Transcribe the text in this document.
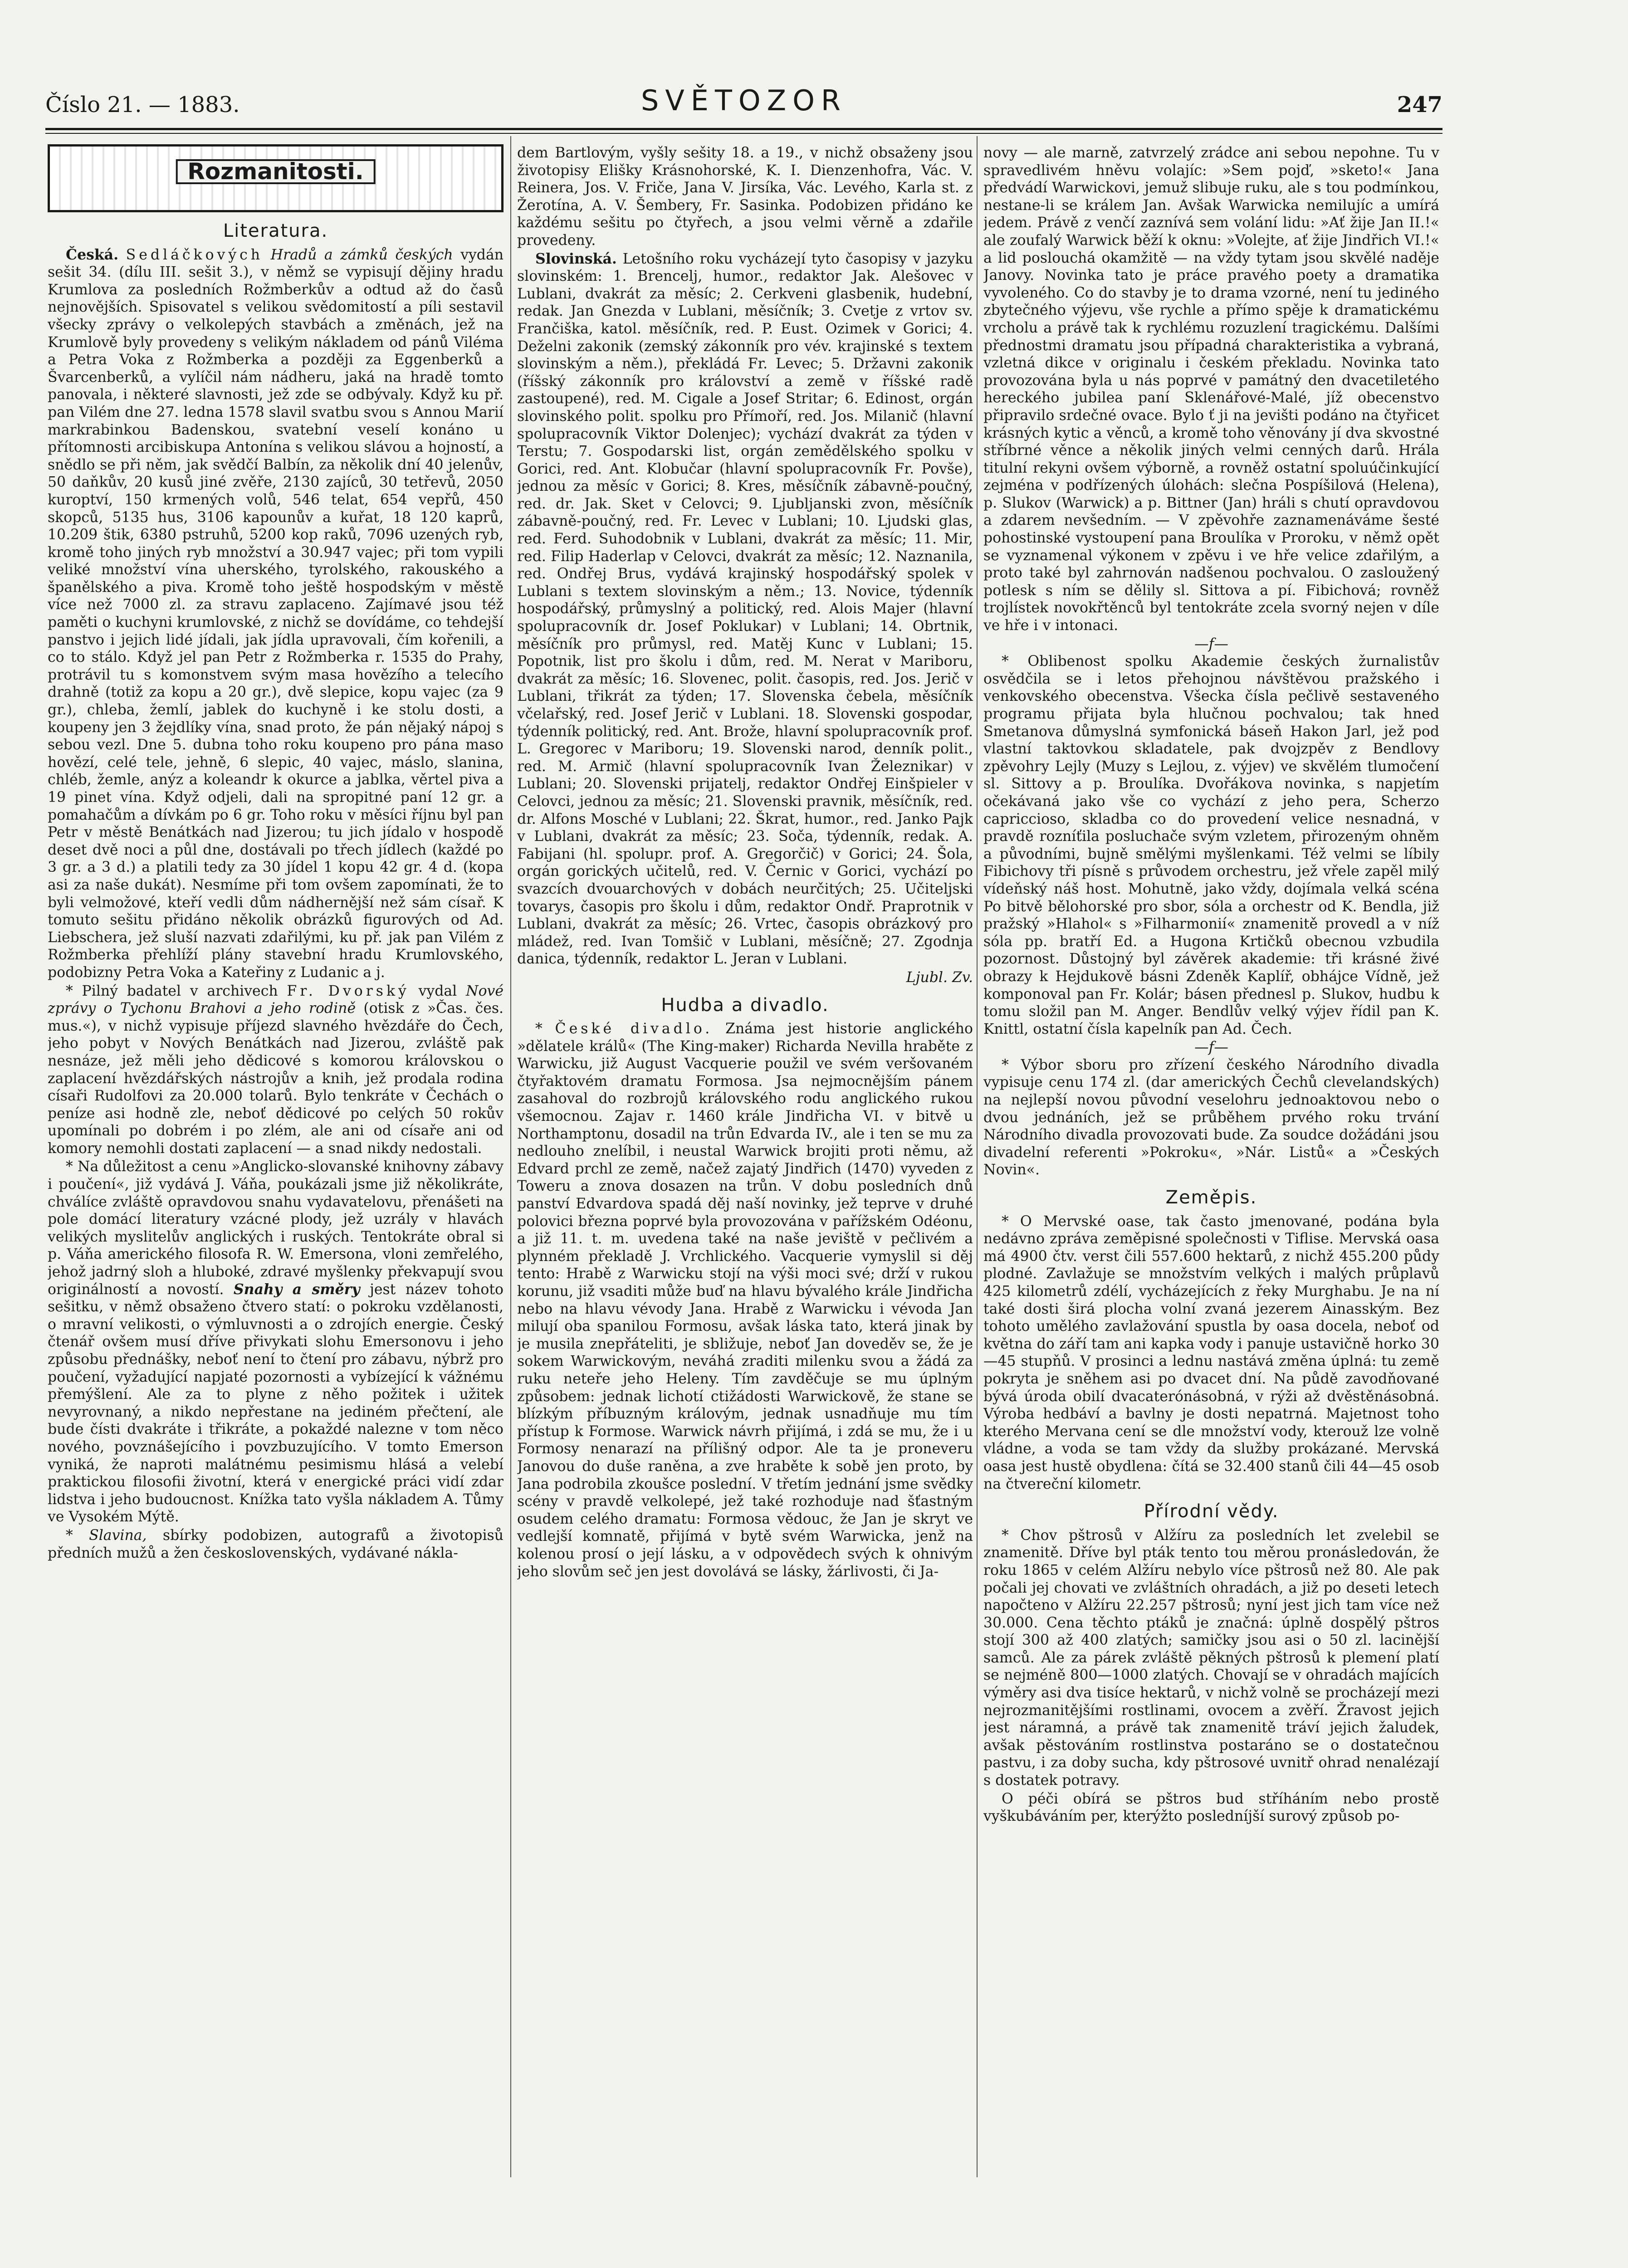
Číslo 21. — 1883.	SVĚTOZOR	247
Rozmanitosti.
Literatura.

Česká. Sedláčkových Hradů a zámků českých vydán sešit 34. (dílu III. sešit 3.), v němž se vypisují dějiny hradu Krumlova za posledních Rožmberkův a odtud až do časů nejnovějších. Spisovatel s velikou svědomitostí a píli sestavil všecky zprávy o velkolepých stavbách a změnách, jež na Krumlově byly provedeny s velikým nákladem od pánů Viléma a Petra Voka z Rožmberka a později za Eggenberků a Švarcenberků, a vylíčil nám nádheru, jaká na hradě tomto panovala, i některé slavnosti, jež zde se odbývaly. Když ku př. pan Vilém dne 27. ledna 1578 slavil svatbu svou s Annou Marií markrabinkou Badenskou, svatební veselí konáno u přítomnosti arcibiskupa Antonína s velikou slávou a hojností, a snědlo se při něm, jak svědčí Balbín, za několik dní 40 jelenův, 50 daňkův, 20 kusů jiné zvěře, 2130 zajíců, 30 tetřevů, 2050 kuroptví, 150 krmených volů, 546 telat, 654 vepřů, 450 skopců, 5135 hus, 3106 kapounův a kuřat, 18 120 kaprů, 10.209 štik, 6380 pstruhů, 5200 kop raků, 7096 uzených ryb, kromě toho jiných ryb množství a 30.947 vajec; při tom vypili veliké množství vína uherského, tyrolského, rakouského a španělského a piva. Kromě toho ještě hospodským v městě více než 7000 zl. za stravu zaplaceno. Zajímavé jsou též paměti o kuchyni krumlovské, z nichž se dovídáme, co tehdejší panstvo i jejich lidé jídali, jak jídla upravovali, čím kořenili, a co to stálo. Když jel pan Petr z Rožmberka r. 1535 do Prahy, protrávil tu s komonstvem svým masa hovězího a telecího drahně (totiž za kopu a 20 gr.), dvě slepice, kopu vajec (za 9 gr.), chleba, žemlí, jablek do kuchyně i ke stolu dosti, a koupeny jen 3 žejdlíky vína, snad proto, že pán nějaký nápoj s sebou vezl. Dne 5. dubna toho roku koupeno pro pána maso hovězí, celé tele, jehně, 6 slepic, 40 vajec, máslo, slanina, chléb, žemle, anýz a koleandr k okurce a jablka, věrtel piva a 19 pinet vína. Když odjeli, dali na spropitné paní 12 gr. a pomahačům a dívkám po 6 gr. Toho roku v měsíci říjnu byl pan Petr v městě Benátkách nad Jizerou; tu jich jídalo v hospodě deset dvě noci a půl dne, dostávali po třech jídlech (každé po 3 gr. a 3 d.) a platili tedy za 30 jídel 1 kopu 42 gr. 4 d. (kopa asi za naše dukát). Nesmíme při tom ovšem zapomínati, že to byli velmožové, kteří vedli dům nádhernější než sám císař. K tomuto sešitu přidáno několik obrázků figurových od Ad. Liebschera, jež sluší nazvati zdařilými, ku př. jak pan Vilém z Rožmberka přehlíží plány stavební hradu Krumlovského, podobizny Petra Voka a Kateřiny z Ludanic a j.

* Pilný badatel v archivech Fr. Dvorský vydal Nové zprávy o Tychonu Brahovi a jeho rodině (otisk z »Čas. čes. mus.«), v nichž vypisuje příjezd slavného hvězdáře do Čech, jeho pobyt v Nových Benátkách nad Jizerou, zvláště pak nesnáze, jež měli jeho dědicové s komorou královskou o zaplacení hvězdářských nástrojův a knih, jež prodala rodina císaři Rudolfovi za 20.000 tolarů. Bylo tenkráte v Čechách o peníze asi hodně zle, neboť dědicové po celých 50 rokův upomínali po dobrém i po zlém, ale ani od císaře ani od komory nemohli dostati zaplacení — a snad nikdy nedostali.

* Na důležitost a cenu »Anglicko-slovanské knihovny zábavy i poučení«, již vydává J. Váňa, poukázali jsme již několikráte, chválíce zvláště opravdovou snahu vydavatelovu, přenášeti na pole domácí literatury vzácné plody, jež uzrály v hlavách velikých myslitelův anglických i ruských. Tentokráte obral si p. Váňa amerického filosofa R. W. Emersona, vloni zemřelého, jehož jadrný sloh a hluboké, zdravé myšlenky překvapují svou originálností a novostí. Snahy a směry jest název tohoto sešitku, v němž obsaženo čtvero statí: o pokroku vzdělanosti, o mravní velikosti, o výmluvnosti a o zdrojích energie. Český čtenář ovšem musí dříve přivykati slohu Emersonovu i jeho způsobu přednášky, neboť není to čtení pro zábavu, nýbrž pro poučení, vyžadující napjaté pozornosti a vybízející k vážnému přemýšlení. Ale za to plyne z něho požitek i užitek nevyrovnaný, a nikdo nepřestane na jediném přečtení, ale bude čísti dvakráte i třikráte, a pokaždé nalezne v tom něco nového, povznášejícího i povzbuzujícího. V tomto Emerson vyniká, že naproti malátnému pesimismu hlásá a velebí praktickou filosofii životní, která v energické práci vidí zdar lidstva i jeho budoucnost. Knížka tato vyšla nákladem A. Tůmy ve Vysokém Mýtě.

* Slavina, sbírky podobizen, autografů a životopisů předních mužů a žen československých, vydávané nákla-

dem Bartlovým, vyšly sešity 18. a 19., v nichž obsaženy jsou životopisy Elišky Krásnohorské, K. I. Dienzenhofra, Vác. V. Reinera, Jos. V. Friče, Jana V. Jirsíka, Vác. Levého, Karla st. z Žerotína, A. V. Šembery, Fr. Sasinka. Podobizen přidáno ke každému sešitu po čtyřech, a jsou velmi věrně a zdařile provedeny.

Slovinská. Letošního roku vycházejí tyto časopisy v jazyku slovinském: 1. Brencelj, humor., redaktor Jak. Alešovec v Lublani, dvakrát za měsíc; 2. Cerkveni glasbenik, hudební, redak. Jan Gnezda v Lublani, měsíčník; 3. Cvetje z vrtov sv. Frančiška, katol. měsíčník, red. P. Eust. Ozimek v Gorici; 4. Deželni zakonik (zemský zákonník pro vév. krajinské s textem slovinským a něm.), překládá Fr. Levec; 5. Državni zakonik (říšský zákonník pro království a země v říšské radě zastoupené), red. M. Cigale a Josef Stritar; 6. Edinost, orgán slovinského polit. spolku pro Přímoří, red. Jos. Milanič (hlavní spolupracovník Viktor Dolenjec); vychází dvakrát za týden v Terstu; 7. Gospodarski list, orgán zemědělského spolku v Gorici, red. Ant. Klobučar (hlavní spolupracovník Fr. Povše), jednou za měsíc v Gorici; 8. Kres, měsíčník zábavně-poučný, red. dr. Jak. Sket v Celovci; 9. Ljubljanski zvon, měsíčník zábavně-poučný, red. Fr. Levec v Lublani; 10. Ljudski glas, red. Ferd. Suhodobnik v Lublani, dvakrát za měsíc; 11. Mir, red. Filip Haderlap v Celovci, dvakrát za měsíc; 12. Naznanila, red. Ondřej Brus, vydává krajinský hospodářský spolek v Lublani s textem slovinským a něm.; 13. Novice, týdenník hospodářský, průmyslný a politický, red. Alois Majer (hlavní spolupracovník dr. Josef Poklukar) v Lublani; 14. Obrtnik, měsíčník pro průmysl, red. Matěj Kunc v Lublani; 15. Popotnik, list pro školu i dům, red. M. Nerat v Mariboru, dvakrát za měsíc; 16. Slovenec, polit. časopis, red. Jos. Jerič v Lublani, třikrát za týden; 17. Slovenska čebela, měsíčník včelařský, red. Josef Jerič v Lublani. 18. Slovenski gospodar, týdenník politický, red. Ant. Brože, hlavní spolupracovník prof. L. Gregorec v Mariboru; 19. Slovenski narod, denník polit., red. M. Armič (hlavní spolupracovník Ivan Železnikar) v Lublani; 20. Slovenski prijatelj, redaktor Ondřej Einšpieler v Celovci, jednou za měsíc; 21. Slovenski pravnik, měsíčník, red. dr. Alfons Mosché v Lublani; 22. Škrat, humor., red. Janko Pajk v Lublani, dvakrát za měsíc; 23. Soča, týdenník, redak. A. Fabijani (hl. spolupr. prof. A. Gregorčič) v Gorici; 24. Šola, orgán gorických učitelů, red. V. Černic v Gorici, vychází po svazcích dvouarchových v dobách neurčitých; 25. Učiteljski tovarys, časopis pro školu i dům, redaktor Ondř. Praprotnik v Lublani, dvakrát za měsíc; 26. Vrtec, časopis obrázkový pro mládež, red. Ivan Tomšič v Lublani, měsíčně; 27. Zgodnja danica, týdenník, redaktor L. Jeran v Lublani.

Ljubl. Zv.
Hudba a divadlo.

* České divadlo. Známa jest historie anglického »dělatele králů« (The King-maker) Richarda Nevilla hraběte z Warwicku, již August Vacquerie použil ve svém veršovaném čtyřaktovém dramatu Formosa. Jsa nejmocnějším pánem zasahoval do rozbrojů královského rodu anglického rukou všemocnou. Zajav r. 1460 krále Jindřicha VI. v bitvě u Northamptonu, dosadil na trůn Edvarda IV., ale i ten se mu za nedlouho znelíbil, i neustal Warwick brojiti proti němu, až Edvard prchl ze země, načež zajatý Jindřich (1470) vyveden z Toweru a znova dosazen na trůn. V dobu posledních dnů panství Edvardova spadá děj naší novinky, jež teprve v druhé polovici března poprvé byla provozována v pařížském Odéonu, a již 11. t. m. uvedena také na naše jeviště v pečlivém a plynném překladě J. Vrchlického. Vacquerie vymyslil si děj tento: Hrabě z Warwicku stojí na výši moci své; drží v rukou korunu, již vsaditi může buď na hlavu bývalého krále Jindřicha nebo na hlavu vévody Jana. Hrabě z Warwicku i vévoda Jan milují oba spanilou Formosu, avšak láska tato, která jinak by je musila znepřáteliti, je sbližuje, neboť Jan doveděv se, že je sokem Warwickovým, neváhá zraditi milenku svou a žádá za ruku neteře jeho Heleny. Tím zavděčuje se mu úplným způsobem: jednak lichotí ctižádosti Warwickově, že stane se blízkým příbuzným královým, jednak usnadňuje mu tím přístup k Formose. Warwick návrh přijímá, i zdá se mu, že i u Formosy nenarazí na přílišný odpor. Ale ta je proneveru Janovou do duše raněna, a zve hraběte k sobě jen proto, by Jana podrobila zkoušce poslední. V třetím jednání jsme svědky scény v pravdě velkolepé, jež také rozhoduje nad šťastným osudem celého dramatu: Formosa vědouc, že Jan je skryt ve vedlejší komnatě, přijímá v bytě svém Warwicka, jenž na kolenou prosí o její lásku, a v odpovědech svých k ohnivým jeho slovům seč jen jest dovolává se lásky, žárlivosti, či Ja-

novy — ale marně, zatvrzelý zrádce ani sebou nepohne. Tu v spravedlivém hněvu volajíc: »Sem pojď, »sketo!« Jana předvádí Warwickovi, jemuž slibuje ruku, ale s tou podmínkou, nestane-li se králem Jan. Avšak Warwicka nemilujíc a umírá jedem. Právě z venčí zaznívá sem volání lidu: »Ať žije Jan II.!« ale zoufalý Warwick běží k oknu: »Volejte, ať žije Jindřich VI.!« a lid poslouchá okamžitě — na vždy tytam jsou skvělé naděje Janovy. Novinka tato je práce pravého poety a dramatika vyvoleného. Co do stavby je to drama vzorné, není tu jediného zbytečného výjevu, vše rychle a přímo spěje k dramatickému vrcholu a právě tak k rychlému rozuzlení tragickému. Dalšími přednostmi dramatu jsou případná charakteristika a vybraná, vzletná dikce v originalu i českém překladu. Novinka tato provozována byla u nás poprvé v památný den dvacetiletého hereckého jubilea paní Sklenářové-Malé, jíž obecenstvo připravilo srdečné ovace. Bylo ť ji na jevišti podáno na čtyřicet krásných kytic a věnců, a kromě toho věnovány jí dva skvostné stříbrné věnce a několik jiných velmi cenných darů. Hrála titulní rekyni ovšem výborně, a rovněž ostatní spoluúčinkující zejména v podřízených úlohách: slečna Pospíšilová (Helena), p. Slukov (Warwick) a p. Bittner (Jan) hráli s chutí opravdovou a zdarem nevšedním. — V zpěvohře zaznamenáváme šesté pohostinské vystoupení pana Broulíka v Proroku, v němž opět se vyznamenal výkonem v zpěvu i ve hře velice zdařilým, a proto také byl zahrnován nadšenou pochvalou. O zasloužený potlesk s ním se dělily sl. Sittova a pí. Fibichová; rovněž trojlístek novokřtěnců byl tentokráte zcela svorný nejen v díle ve hře i v intonaci.

—f—

* Oblibenost spolku Akademie českých žurnalistův osvědčila se i letos přehojnou návštěvou pražského i venkovského obecenstva. Všecka čísla pečlivě sestaveného programu přijata byla hlučnou pochvalou; tak hned Smetanova důmyslná symfonická báseň Hakon Jarl, jež pod vlastní taktovkou skladatele, pak dvojzpěv z Bendlovy zpěvohry Lejly (Muzy s Lejlou, z. výjev) ve skvělém tlumočení sl. Sittovy a p. Broulíka. Dvořákova novinka, s napjetím očekávaná jako vše co vychází z jeho pera, Scherzo capriccioso, skladba co do provedení velice nesnadná, v pravdě rozníťila posluchače svým vzletem, přirozeným ohněm a původními, bujně smělými myšlenkami. Též velmi se líbily Fibichovy tři písně s průvodem orchestru, jež vřele zapěl milý vídeňský náš host. Mohutně, jako vždy, dojímala velká scéna Po bitvě bělohorské pro sbor, sóla a orchestr od K. Bendla, již pražský »Hlahol« s »Filharmonií« znamenitě provedl a v níž sóla pp. bratří Ed. a Hugona Krtičků obecnou vzbudila pozornost. Důstojný byl závěrek akademie: tři krásné živé obrazy k Hejdukově básni Zdeněk Kaplíř, obhájce Vídně, jež komponoval pan Fr. Kolár; básen přednesl p. Slukov, hudbu k tomu složil pan M. Anger. Bendlův velký výjev řídil pan K. Knittl, ostatní čísla kapelník pan Ad. Čech.

—f—

* Výbor sboru pro zřízení českého Národního divadla vypisuje cenu 174 zl. (dar amerických Čechů clevelandských) na nejlepší novou původní veselohru jednoaktovou nebo o dvou jednáních, jež se průběhem prvého roku trvání Národního divadla provozovati bude. Za soudce dožádáni jsou divadelní referenti »Pokroku«, »Nár. Listů« a »Českých Novin«.

Zeměpis.

* O Mervské oase, tak často jmenované, podána byla nedávno zpráva zeměpisné společnosti v Tiflise. Mervská oasa má 4900 čtv. verst čili 557.600 hektarů, z nichž 455.200 půdy plodné. Zavlažuje se množstvím velkých i malých průplavů 425 kilometrů zdélí, vycházejících z řeky Murghabu. Je na ní také dosti širá plocha volní zvaná jezerem Ainasským. Bez tohoto umělého zavlažování spustla by oasa docela, neboť od května do září tam ani kapka vody i panuje ustavičně horko 30—45 stupňů. V prosinci a lednu nastává změna úplná: tu země pokryta je sněhem asi po dvacet dní. Na půdě zavodňované bývá úroda obilí dvacaterónásobná, v rýži až dvěstěnásobná. Výroba hedbáví a bavlny je dosti nepatrná. Majetnost toho kterého Mervana cení se dle množství vody, kterouž lze volně vládne, a voda se tam vždy da služby prokázané. Mervská oasa jest hustě obydlena: čítá se 32.400 stanů čili 44—45 osob na čtvereční kilometr.

Přírodní vědy.

* Chov pštrosů v Alžíru za posledních let zvelebil se znamenitě. Dříve byl pták tento tou měrou pronásledován, že roku 1865 v celém Alžíru nebylo více pštrosů než 80. Ale pak počali jej chovati ve zvláštních ohradách, a již po deseti letech napočteno v Alžíru 22.257 pštrosů; nyní jest jich tam více než 30.000. Cena těchto ptáků je značná: úplně dospělý pštros stojí 300 až 400 zlatých; samičky jsou asi o 50 zl. lacinější samců. Ale za párek zvláště pěkných pštrosů k plemení platí se nejméně 800—1000 zlatých. Chovají se v ohradách majících výměry asi dva tisíce hektarů, v nichž volně se procházejí mezi nejrozmanitějšími rostlinami, ovocem a zvěří. Žravost jejich jest náramná, a právě tak znamenitě tráví jejich žaludek, avšak pěstováním rostlinstva postaráno se o dostatečnou pastvu, i za doby sucha, kdy pštrosové uvnitř ohrad nenalézají s dostatek potravy.

O péči obírá se pštros bud stříháním nebo prostě vyškubáváním per, kterýžto posledníjší surový způsob po-
